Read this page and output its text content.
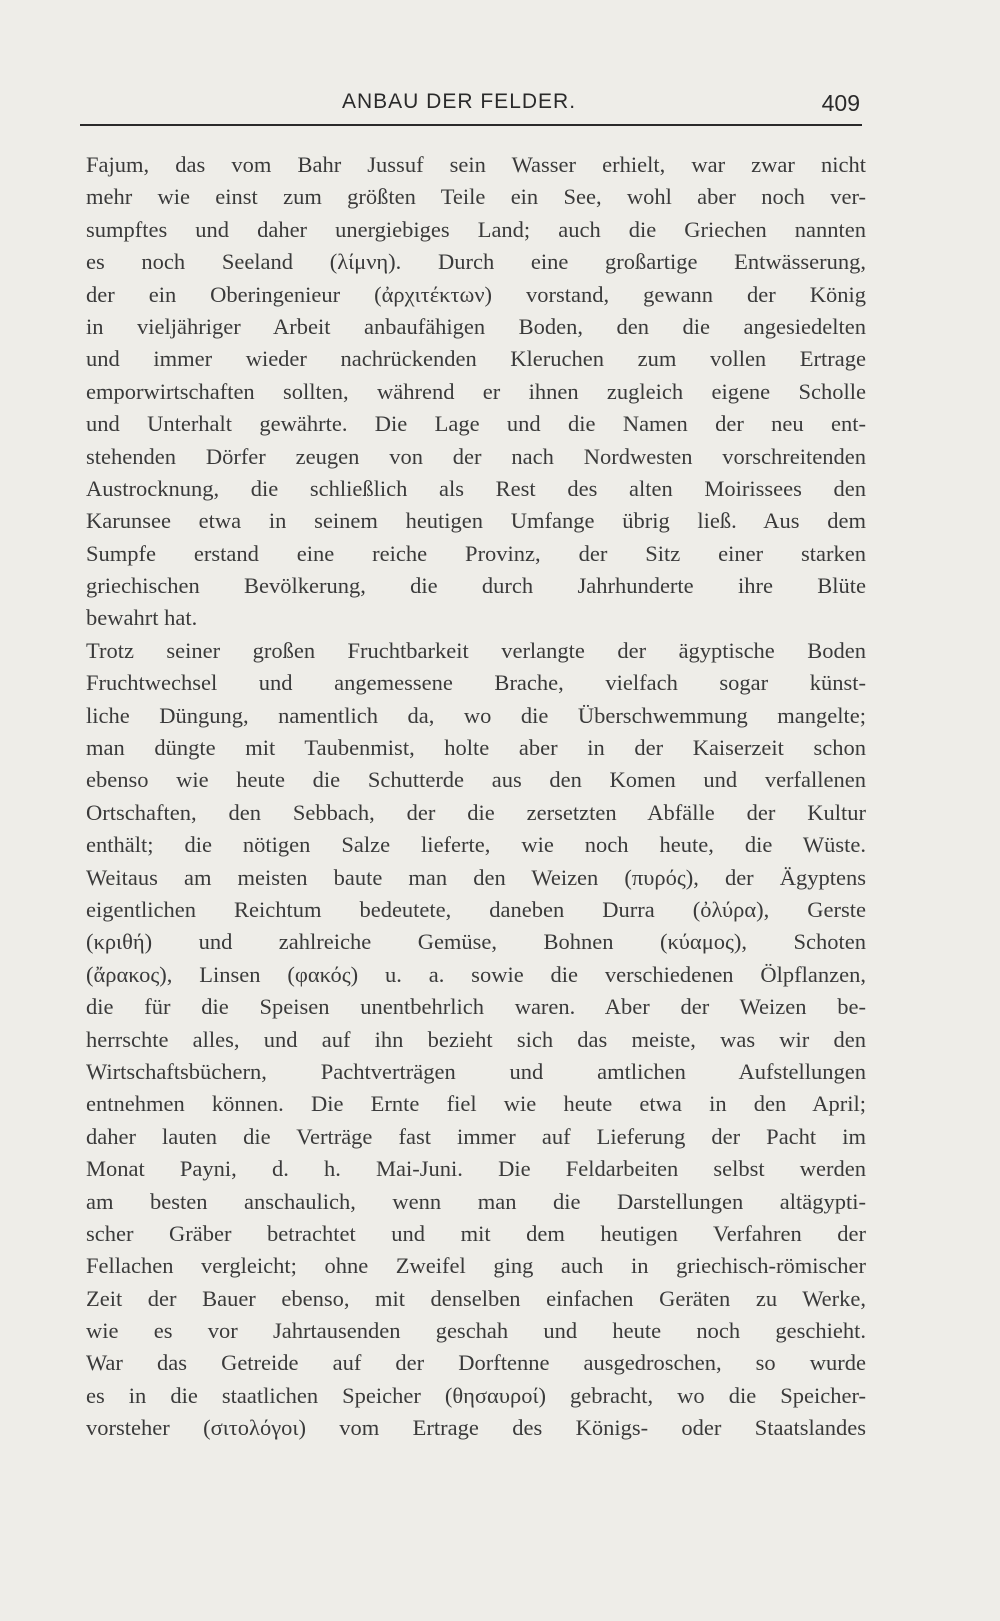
ANBAU DER FELDER.	409
Fajum, das vom Bahr Jussuf sein Wasser erhielt, war zwar nicht
mehr wie einst zum größten Teile ein See, wohl aber noch ver-
sumpftes und daher unergiebiges Land; auch die Griechen nannten
es noch Seeland (λίμνη). Durch eine großartige Entwässerung,
der ein Oberingenieur (ἀρχιτέκτων) vorstand, gewann der König
in vieljähriger Arbeit anbaufähigen Boden, den die angesiedelten
und immer wieder nachrückenden Kleruchen zum vollen Ertrage
emporwirtschaften sollten, während er ihnen zugleich eigene Scholle
und Unterhalt gewährte. Die Lage und die Namen der neu ent-
stehenden Dörfer zeugen von der nach Nordwesten vorschreitenden
Austrocknung, die schließlich als Rest des alten Moirissees den
Karunsee etwa in seinem heutigen Umfange übrig ließ. Aus dem
Sumpfe erstand eine reiche Provinz, der Sitz einer starken
griechischen Bevölkerung, die durch Jahrhunderte ihre Blüte
bewahrt hat.
Trotz seiner großen Fruchtbarkeit verlangte der ägyptische Boden
Fruchtwechsel und angemessene Brache, vielfach sogar künst-
liche Düngung, namentlich da, wo die Überschwemmung mangelte;
man düngte mit Taubenmist, holte aber in der Kaiserzeit schon
ebenso wie heute die Schutterde aus den Komen und verfallenen
Ortschaften, den Sebbach, der die zersetzten Abfälle der Kultur
enthält; die nötigen Salze lieferte, wie noch heute, die Wüste.
Weitaus am meisten baute man den Weizen (πυρός), der Ägyptens
eigentlichen Reichtum bedeutete, daneben Durra (ὀλύρα), Gerste
(κριθή) und zahlreiche Gemüse, Bohnen (κύαμος), Schoten
(ἄρακος), Linsen (φακός) u. a. sowie die verschiedenen Ölpflanzen,
die für die Speisen unentbehrlich waren. Aber der Weizen be-
herrschte alles, und auf ihn bezieht sich das meiste, was wir den
Wirtschaftsbüchern, Pachtverträgen und amtlichen Aufstellungen
entnehmen können. Die Ernte fiel wie heute etwa in den April;
daher lauten die Verträge fast immer auf Lieferung der Pacht im
Monat Payni, d. h. Mai-Juni. Die Feldarbeiten selbst werden
am besten anschaulich, wenn man die Darstellungen altägypti-
scher Gräber betrachtet und mit dem heutigen Verfahren der
Fellachen vergleicht; ohne Zweifel ging auch in griechisch-römischer
Zeit der Bauer ebenso, mit denselben einfachen Geräten zu Werke,
wie es vor Jahrtausenden geschah und heute noch geschieht.
War das Getreide auf der Dorftenne ausgedroschen, so wurde
es in die staatlichen Speicher (θησαυροί) gebracht, wo die Speicher-
vorsteher (σιτολόγοι) vom Ertrage des Königs- oder Staatslandes
